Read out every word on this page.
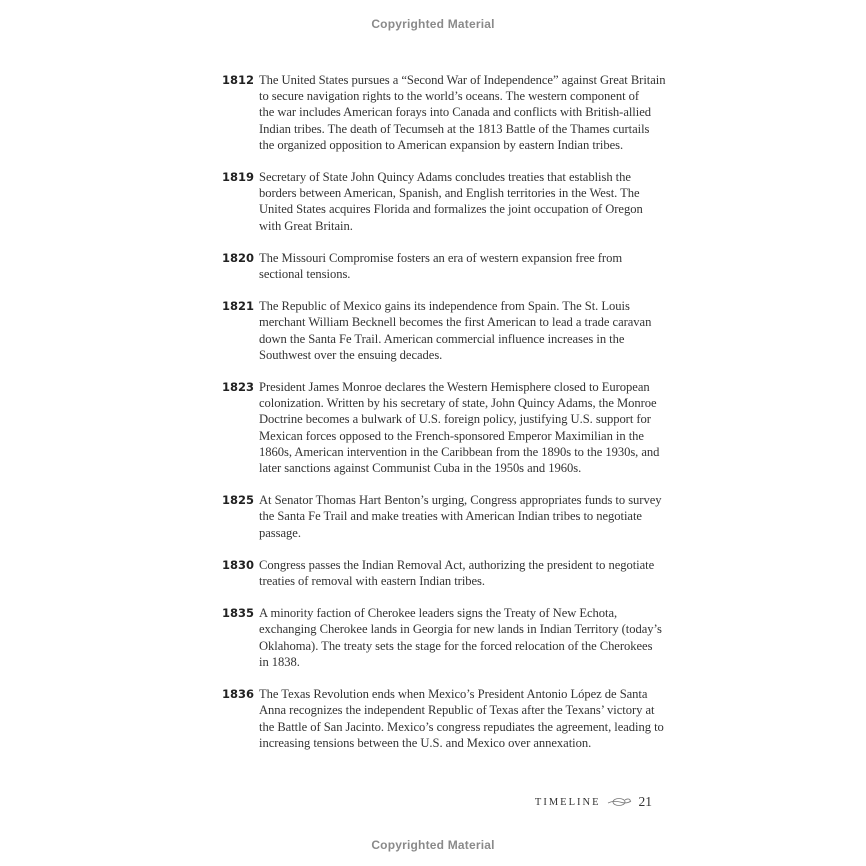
Copyrighted Material
1812 The United States pursues a “Second War of Independence” against Great Britain
to secure navigation rights to the world’s oceans. The western component of
the war includes American forays into Canada and conflicts with British-allied
Indian tribes. The death of Tecumseh at the 1813 Battle of the Thames curtails
the organized opposition to American expansion by eastern Indian tribes.
1819 Secretary of State John Quincy Adams concludes treaties that establish the
borders between American, Spanish, and English territories in the West. The
United States acquires Florida and formalizes the joint occupation of Oregon
with Great Britain.
1820 The Missouri Compromise fosters an era of western expansion free from
sectional tensions.
1821 The Republic of Mexico gains its independence from Spain. The St. Louis
merchant William Becknell becomes the first American to lead a trade caravan
down the Santa Fe Trail. American commercial influence increases in the
Southwest over the ensuing decades.
1823 President James Monroe declares the Western Hemisphere closed to European
colonization. Written by his secretary of state, John Quincy Adams, the Monroe
Doctrine becomes a bulwark of U.S. foreign policy, justifying U.S. support for
Mexican forces opposed to the French-sponsored Emperor Maximilian in the
1860s, American intervention in the Caribbean from the 1890s to the 1930s, and
later sanctions against Communist Cuba in the 1950s and 1960s.
1825 At Senator Thomas Hart Benton’s urging, Congress appropriates funds to survey
the Santa Fe Trail and make treaties with American Indian tribes to negotiate
passage.
1830 Congress passes the Indian Removal Act, authorizing the president to negotiate
treaties of removal with eastern Indian tribes.
1835 A minority faction of Cherokee leaders signs the Treaty of New Echota,
exchanging Cherokee lands in Georgia for new lands in Indian Territory (today’s
Oklahoma). The treaty sets the stage for the forced relocation of the Cherokees
in 1838.
1836 The Texas Revolution ends when Mexico’s President Antonio López de Santa
Anna recognizes the independent Republic of Texas after the Texans’ victory at
the Battle of San Jacinto. Mexico’s congress repudiates the agreement, leading to
increasing tensions between the U.S. and Mexico over annexation.
TIMELINE	21
Copyrighted Material
